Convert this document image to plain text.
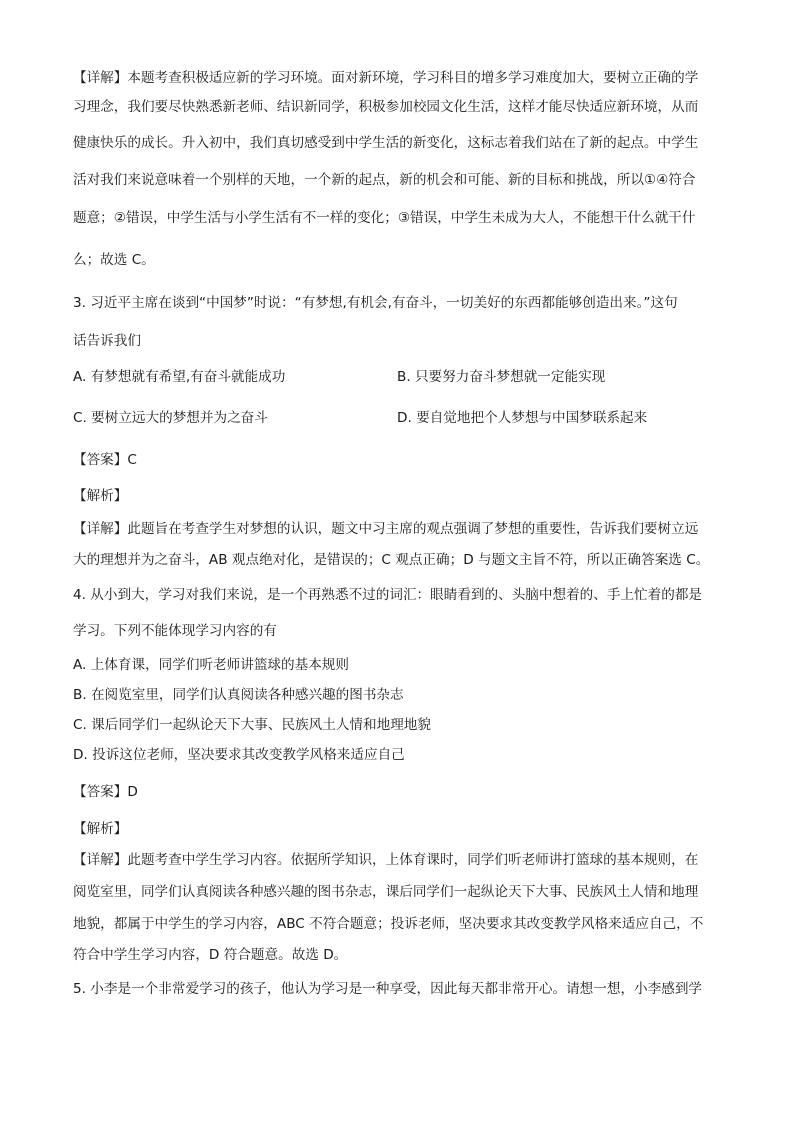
【详解】本题考查积极适应新的学习环境。面对新环境，学习科目的增多学习难度加大，要树立正确的学
习理念，我们要尽快熟悉新老师、结识新同学，积极参加校园文化生活，这样才能尽快适应新环境，从而
健康快乐的成长。升入初中，我们真切感受到中学生活的新变化，这标志着我们站在了新的起点。中学生
活对我们来说意味着一个别样的天地，一个新的起点，新的机会和可能、新的目标和挑战，所以①④符合
题意；②错误，中学生活与小学生活有不一样的变化；③错误，中学生未成为大人，不能想干什么就干什
么；故选 C。
3. 习近平主席在谈到“中国梦”时说：“有梦想,有机会,有奋斗，一切美好的东西都能够创造出来。”这句
话告诉我们
A. 有梦想就有希望,有奋斗就能成功	B. 只要努力奋斗梦想就一定能实现
C. 要树立远大的梦想并为之奋斗	D. 要自觉地把个人梦想与中国梦联系起来
【答案】C
【解析】
【详解】此题旨在考查学生对梦想的认识，题文中习主席的观点强调了梦想的重要性，告诉我们要树立远
大的理想并为之奋斗，AB 观点绝对化，是错误的；C 观点正确；D 与题文主旨不符，所以正确答案选 C。
4. 从小到大，学习对我们来说，是一个再熟悉不过的词汇：眼睛看到的、头脑中想着的、手上忙着的都是
学习。下列不能体现学习内容的有
A. 上体育课，同学们听老师讲篮球的基本规则
B. 在阅览室里，同学们认真阅读各种感兴趣的图书杂志
C. 课后同学们一起纵论天下大事、民族风土人情和地理地貌
D. 投诉这位老师，坚决要求其改变教学风格来适应自己
【答案】D
【解析】
【详解】此题考查中学生学习内容。依据所学知识，上体育课时，同学们听老师讲打篮球的基本规则，在
阅览室里，同学们认真阅读各种感兴趣的图书杂志，课后同学们一起纵论天下大事、民族风土人情和地理
地貌，都属于中学生的学习内容，ABC 不符合题意；投诉老师，坚决要求其改变教学风格来适应自己，不
符合中学生学习内容，D 符合题意。故选 D。
5. 小李是一个非常爱学习的孩子，他认为学习是一种享受，因此每天都非常开心。请想一想，小李感到学
